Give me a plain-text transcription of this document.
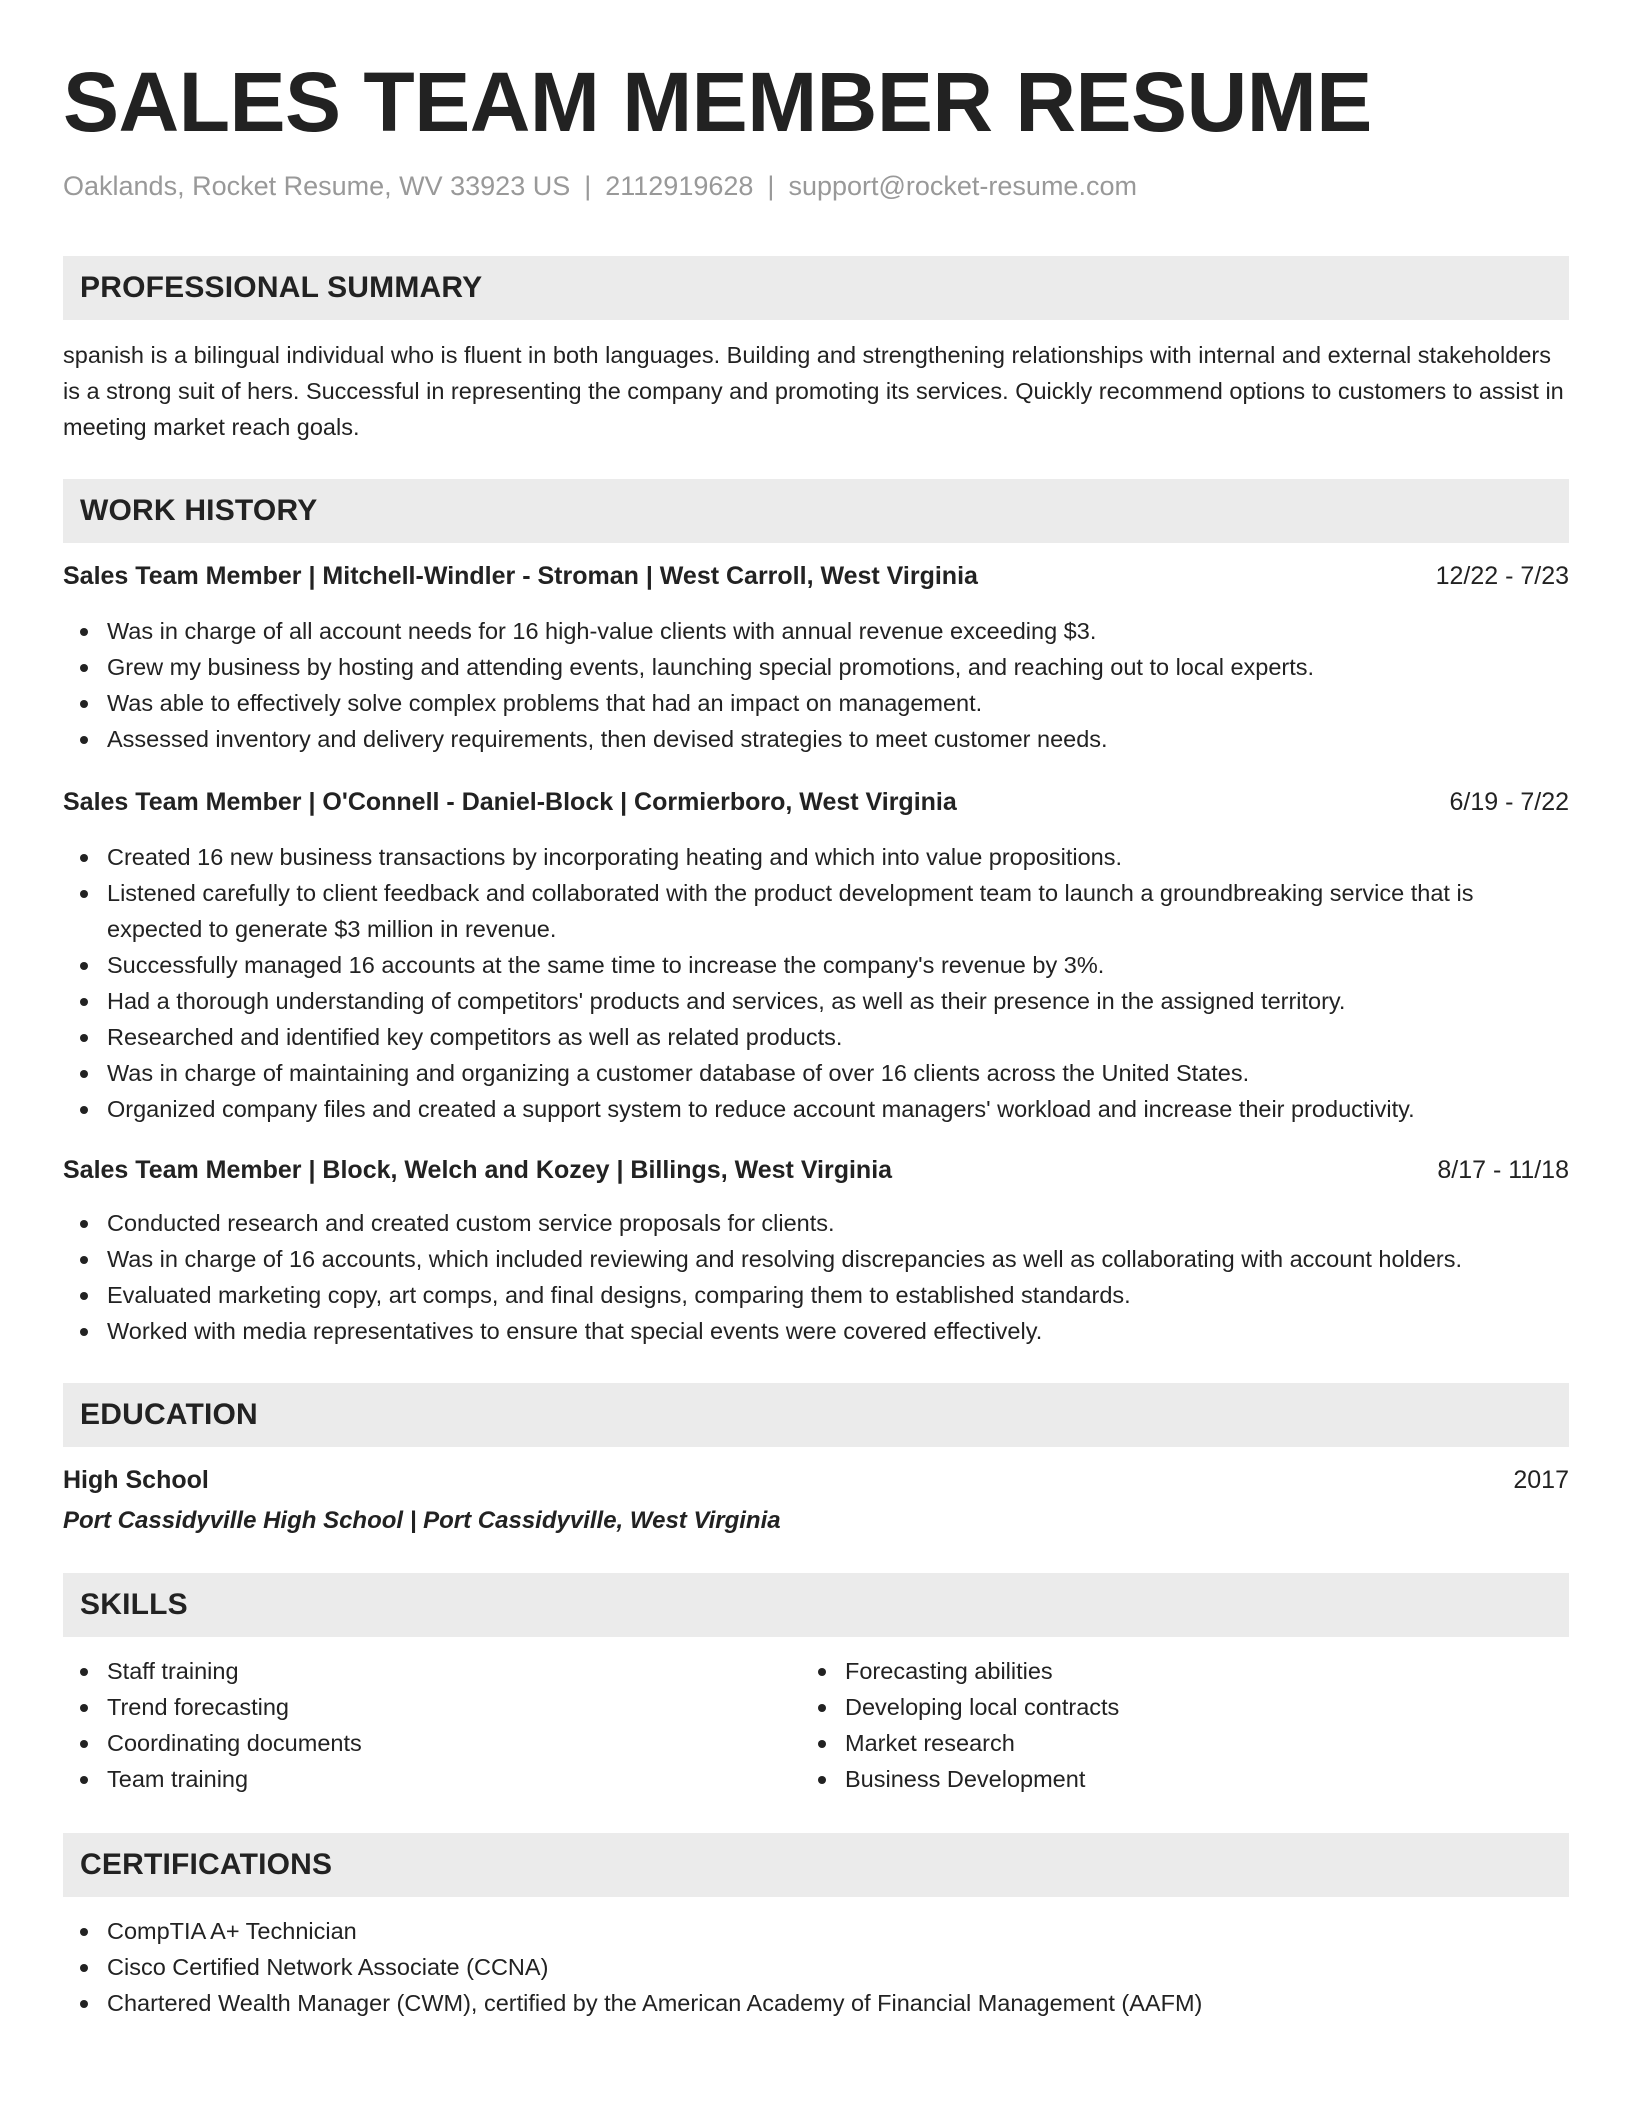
SALES TEAM MEMBER RESUME
Oaklands, Rocket Resume, WV 33923 US | 2112919628 | support@rocket-resume.com
PROFESSIONAL SUMMARY
spanish is a bilingual individual who is fluent in both languages. Building and strengthening relationships with internal and external stakeholders is a strong suit of hers. Successful in representing the company and promoting its services. Quickly recommend options to customers to assist in meeting market reach goals.
WORK HISTORY
Sales Team Member | Mitchell-Windler - Stroman | West Carroll, West Virginia	12/22 - 7/23
Was in charge of all account needs for 16 high-value clients with annual revenue exceeding $3.
Grew my business by hosting and attending events, launching special promotions, and reaching out to local experts.
Was able to effectively solve complex problems that had an impact on management.
Assessed inventory and delivery requirements, then devised strategies to meet customer needs.
Sales Team Member | O'Connell - Daniel-Block | Cormierboro, West Virginia	6/19 - 7/22
Created 16 new business transactions by incorporating heating and which into value propositions.
Listened carefully to client feedback and collaborated with the product development team to launch a groundbreaking service that is expected to generate $3 million in revenue.
Successfully managed 16 accounts at the same time to increase the company's revenue by 3%.
Had a thorough understanding of competitors' products and services, as well as their presence in the assigned territory.
Researched and identified key competitors as well as related products.
Was in charge of maintaining and organizing a customer database of over 16 clients across the United States.
Organized company files and created a support system to reduce account managers' workload and increase their productivity.
Sales Team Member | Block, Welch and Kozey | Billings, West Virginia	8/17 - 11/18
Conducted research and created custom service proposals for clients.
Was in charge of 16 accounts, which included reviewing and resolving discrepancies as well as collaborating with account holders.
Evaluated marketing copy, art comps, and final designs, comparing them to established standards.
Worked with media representatives to ensure that special events were covered effectively.
EDUCATION
High School	2017
Port Cassidyville High School | Port Cassidyville, West Virginia
SKILLS
Staff training
Trend forecasting
Coordinating documents
Team training
Forecasting abilities
Developing local contracts
Market research
Business Development
CERTIFICATIONS
CompTIA A+ Technician
Cisco Certified Network Associate (CCNA)
Chartered Wealth Manager (CWM), certified by the American Academy of Financial Management (AAFM)
